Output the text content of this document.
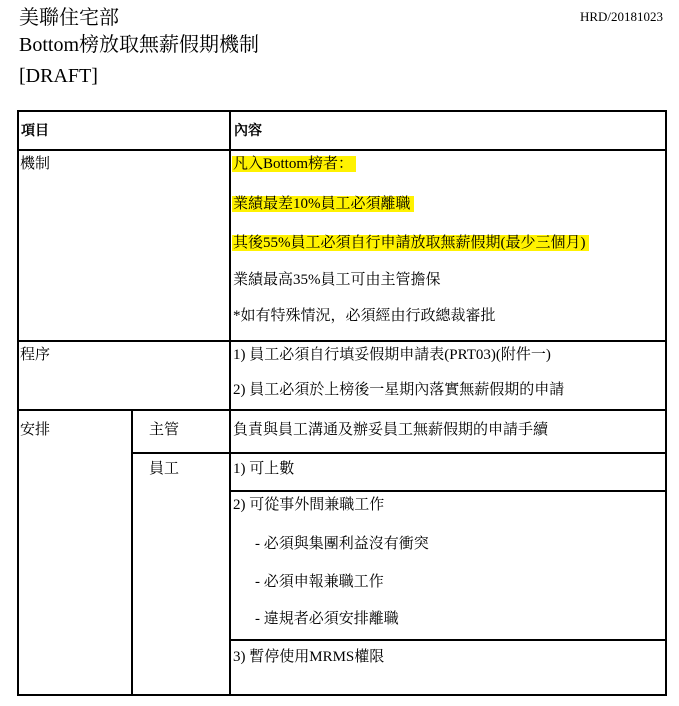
美聯住宅部
Bottom榜放取無薪假期機制
[DRAFT]
HRD/20181023
項目	內容
機制	凡入Bottom榜者：
業績最差10%員工必須離職
其後55%員工必須自行申請放取無薪假期(最少三個月)
業績最高35%員工可由主管擔保
*如有特殊情況，必須經由行政總裁審批
程序	1) 員工必須自行填妥假期申請表(PRT03)(附件一)
2) 員工必須於上榜後一星期內落實無薪假期的申請
安排	主管	負責與員工溝通及辦妥員工無薪假期的申請手續
員工	1) 可上數
2) 可從事外間兼職工作
- 必須與集團利益沒有衝突
- 必須申報兼職工作
- 違規者必須安排離職
3) 暫停使用MRMS權限
